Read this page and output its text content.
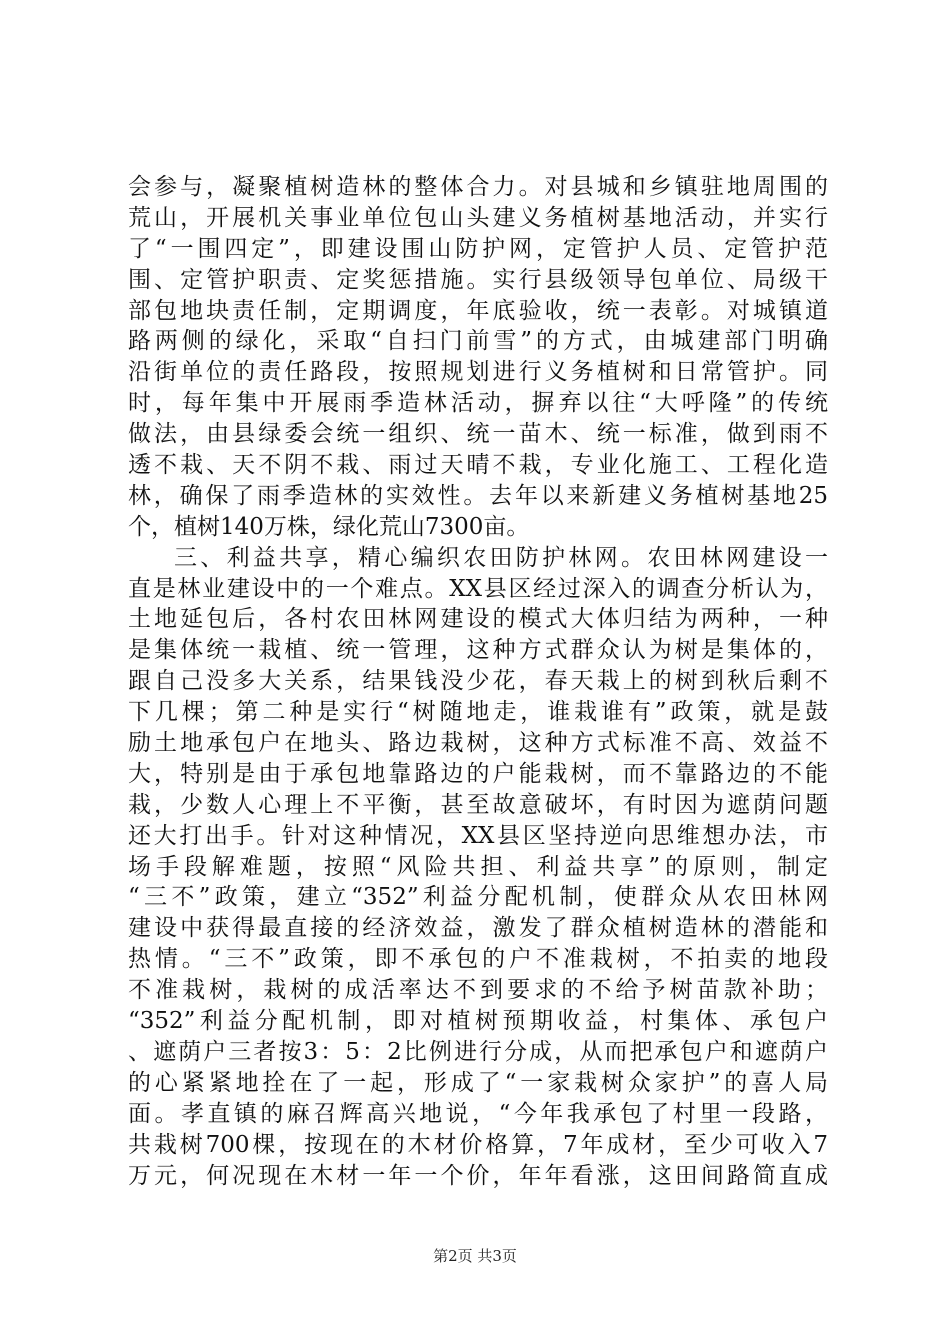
会参与，凝聚植树造林的整体合力。对县城和乡镇驻地周围的
荒山，开展机关事业单位包山头建义务植树基地活动，并实行
了“一围四定”，即建设围山防护网，定管护人员、定管护范
围、定管护职责、定奖惩措施。实行县级领导包单位、局级干
部包地块责任制，定期调度，年底验收，统一表彰。对城镇道
路两侧的绿化，采取“自扫门前雪”的方式，由城建部门明确
沿街单位的责任路段，按照规划进行义务植树和日常管护。同
时，每年集中开展雨季造林活动，摒弃以往“大呼隆”的传统
做法，由县绿委会统一组织、统一苗木、统一标准，做到雨不
透不栽、天不阴不栽、雨过天晴不栽，专业化施工、工程化造
林，确保了雨季造林的实效性。去年以来新建义务植树基地25
个，植树140万株，绿化荒山7300亩。
三、利益共享，精心编织农田防护林网。农田林网建设一
直是林业建设中的一个难点。XX县区经过深入的调查分析认为，
土地延包后，各村农田林网建设的模式大体归结为两种，一种
是集体统一栽植、统一管理，这种方式群众认为树是集体的，
跟自己没多大关系，结果钱没少花，春天栽上的树到秋后剩不
下几棵；第二种是实行“树随地走，谁栽谁有”政策，就是鼓
励土地承包户在地头、路边栽树，这种方式标准不高、效益不
大，特别是由于承包地靠路边的户能栽树，而不靠路边的不能
栽，少数人心理上不平衡，甚至故意破坏，有时因为遮荫问题
还大打出手。针对这种情况，XX县区坚持逆向思维想办法，市
场手段解难题，按照“风险共担、利益共享”的原则，制定
“三不”政策，建立“352”利益分配机制，使群众从农田林网
建设中获得最直接的经济效益，激发了群众植树造林的潜能和
热情。“三不”政策，即不承包的户不准栽树，不拍卖的地段
不准栽树，栽树的成活率达不到要求的不给予树苗款补助；
“352”利益分配机制，即对植树预期收益，村集体、承包户
、遮荫户三者按3：5：2比例进行分成，从而把承包户和遮荫户
的心紧紧地拴在了一起，形成了“一家栽树众家护”的喜人局
面。孝直镇的麻召辉高兴地说，“今年我承包了村里一段路，
共栽树700棵，按现在的木材价格算，7年成材，至少可收入7
万元，何况现在木材一年一个价，年年看涨，这田间路简直成
第2页 共3页
